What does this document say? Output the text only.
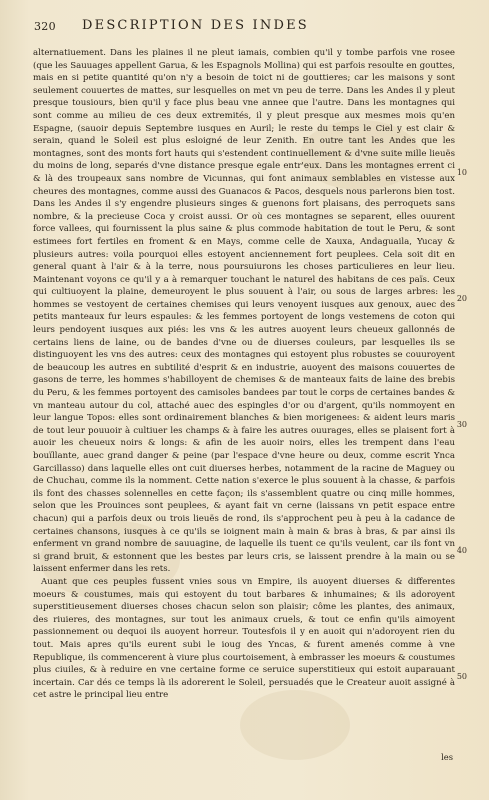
320 DESCRIPTION DES INDES

alternatiuement. Dans les plaines il ne pleut iamais, combien qu'il y tombe parfois vne rosee (que les Sauuages appellent Garua, & les Espagnols Mollina) qui est parfois resoulte en gouttes, mais en si petite quantité qu'on n'y a besoin de toict ni de gouttieres; car les maisons y sont seulement couuertes de mattes, sur lesquelles on met vn peu de terre. Dans les Andes il y pleut presque tousiours, bien qu'il y face plus beau vne annee que l'autre. Dans les montagnes qui sont comme au milieu de ces deux extremités, il y pleut presque aux mesmes mois qu'en Espagne, (sauoir depuis Septembre iusques en Auril; le reste du temps le Ciel y est clair & serain, quand le Soleil est plus esloigné de leur Zenith. En outre tant les Andes que les montagnes, sont des monts fort hauts qui s'estendent continuellement & d'vne suite mille lieuës du moins de long, separés d'vne distance presque egale entr'eux. Dans les montagnes errent ci & là des troupeaux sans nombre de Vicunnas, qui font animaux semblables en vistesse aux cheures des montagnes, comme aussi des Guanacos & Pacos, desquels nous parlerons bien tost. Dans les Andes il s'y engendre plusieurs singes & guenons fort plaisans, des perroquets sans nombre, & la precieuse Coca y croist aussi. Or où ces montagnes se separent, elles ouurent force vallees, qui fournissent la plus saine & plus commode habitation de tout le Peru, & sont estimees fort fertiles en froment & en Mays, comme celle de Xauxa, Andaguaila, Yucay & plusieurs autres: voila pourquoi elles estoyent anciennement fort peuplees. Cela soit dit en general quant à l'air & à la terre, nous poursuiurons les choses particulieres en leur lieu. Maintenant voyons ce qu'il y a à remarquer touchant le naturel des habitans de ces païs. Ceux qui cultiuoyent la plaine, demeuroyent le plus souuent à l'air, ou sous de larges arbres: les hommes se vestoyent de certaines chemises qui leurs venoyent iusques aux genoux, auec des petits manteaux fur leurs espaules: & les femmes portoyent de longs vestemens de coton qui leurs pendoyent iusques aux piés: les vns & les autres auoyent leurs cheueux gallonnés de certains liens de laine, ou de bandes d'vne ou de diuerses couleurs, par lesquelles ils se distinguoyent les vns des autres: ceux des montagnes qui estoyent plus robustes se couuroyent de beaucoup les autres en subtilité d'esprit & en industrie, auoyent des maisons couuertes de gasons de terre, les hommes s'habilloyent de chemises & de manteaux faits de laine des brebis du Peru, & les femmes portoyent des camisoles bandees par tout le corps de certaines bandes & vn manteau autour du col, attaché auec des espingles d'or ou d'argent, qu'ils nommoyent en leur langue Topos: elles sont ordinairement blanches & bien morigenees: & aident leurs maris de tout leur pouuoir à cultiuer les champs & à faire les autres ouurages, elles se plaisent fort à auoir les cheueux noirs & longs: & afin de les auoir noirs, elles les trempent dans l'eau bouïllante, auec grand danger & peine (par l'espace d'vne heure ou deux, comme escrit Ynca Garcillasso) dans laquelle elles ont cuit diuerses herbes, notamment de la racine de Maguey ou de Chuchau, comme ils la nomment. Cette nation s'exerce le plus souuent à la chasse, & parfois ils font des chasses solennelles en cette façon; ils s'assemblent quatre ou cinq mille hommes, selon que les Prouinces sont peuplees, & ayant fait vn cerne (laissans vn petit espace entre chacun) qui a parfois deux ou trois lieuës de rond, ils s'approchent peu à peu à la cadance de certaines chansons, iusques à ce qu'ils se ioignent main à main & bras à bras, & par ainsi ils enferment vn grand nombre de sauuagine, de laquelle ils tuent ce qu'ils veulent, car ils font vn si grand bruit, & estonnent que les bestes par leurs cris, se laissent prendre à la main ou se laissent enfermer dans les rets.

Auant que ces peuples fussent vnies sous vn Empire, ils auoyent diuerses & differentes moeurs & coustumes, mais qui estoyent du tout barbares & inhumaines; & ils adoroyent superstitieusement diuerses choses chacun selon son plaisir; côme les plantes, des animaux, des riuieres, des montagnes, sur tout les animaux cruels, & tout ce enfin qu'ils aimoyent passionnement ou dequoi ils auoyent horreur. Toutesfois il y en auoit qui n'adoroyent rien du tout. Mais apres qu'ils eurent subi le ioug des Yncas, & furent amenés comme à vne Republique, ils commencerent à viure plus courtoisement, à embrasser les moeurs & coustumes plus ciuiles, & à reduire en vne certaine forme ce seruice superstitieux qui estoit auparauant incertain. Car dés ce temps là ils adorerent le Soleil, persuadés que le Createur auoit assigné à cet astre le principal lieu entre

10
20
30
40
50
les
